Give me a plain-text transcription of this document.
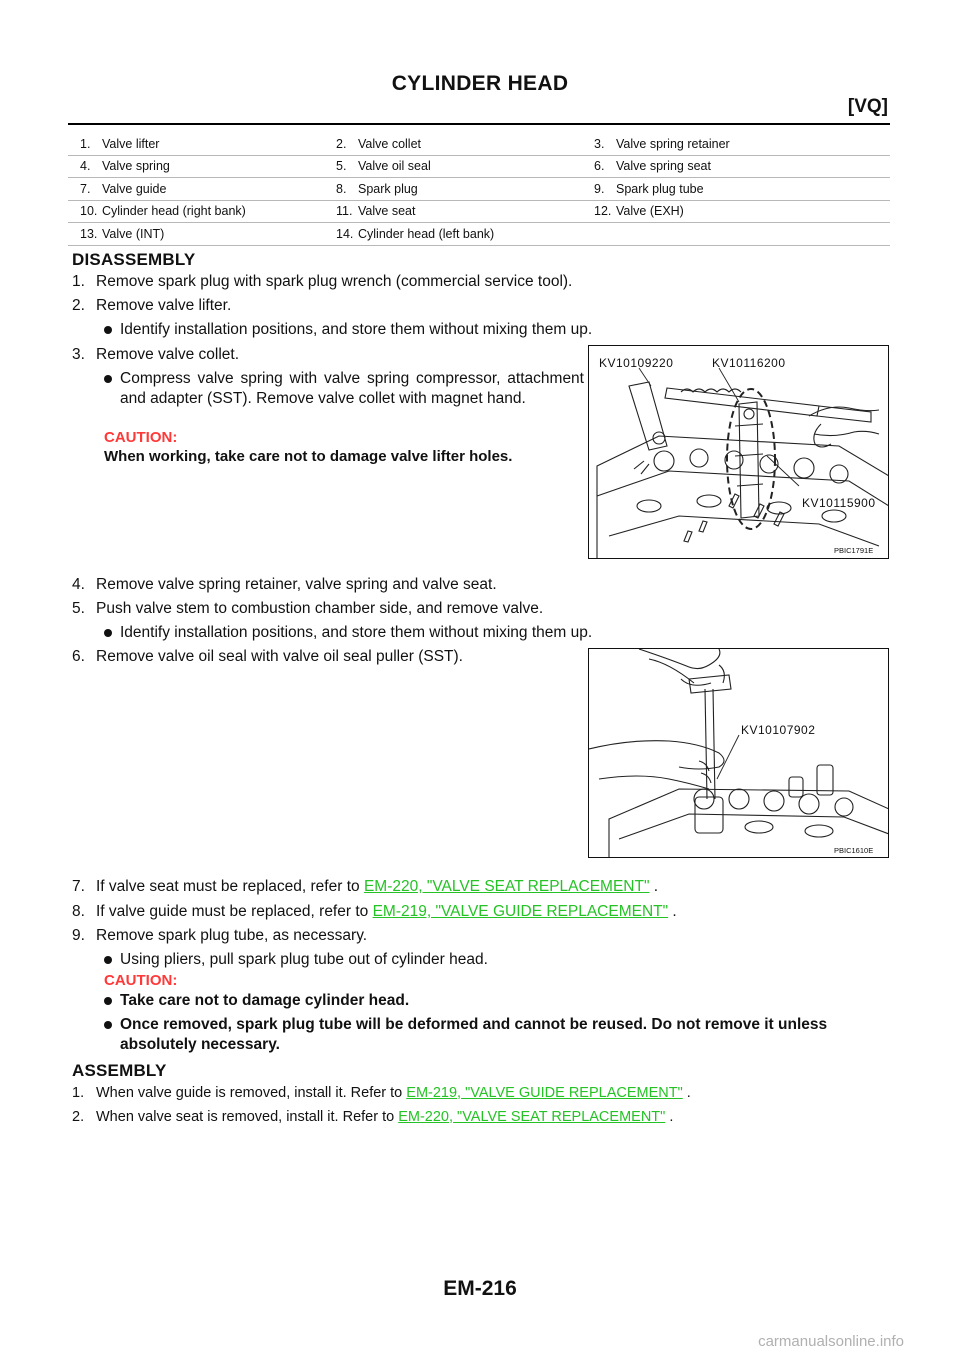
CYLINDER HEAD
[VQ]
1.	Valve lifter	2.	Valve collet	3.	Valve spring retainer
4.	Valve spring	5.	Valve oil seal	6.	Valve spring seat
7.	Valve guide	8.	Spark plug	9.	Spark plug tube
10.	Cylinder head (right bank)	11.	Valve seat	12.	Valve (EXH)
13.	Valve (INT)	14.	Cylinder head (left bank)		
DISASSEMBLY
1. Remove spark plug with spark plug wrench (commercial service tool).
2. Remove valve lifter.
Identify installation positions, and store them without mixing them up.
3. Remove valve collet.
Compress valve spring with valve spring compressor, attachment and adapter (SST). Remove valve collet with magnet hand.
CAUTION:
When working, take care not to damage valve lifter holes.
KV10109220	KV10116200
KV10115900
PBIC1791E
4. Remove valve spring retainer, valve spring and valve seat.
5. Push valve stem to combustion chamber side, and remove valve.
Identify installation positions, and store them without mixing them up.
6. Remove valve oil seal with valve oil seal puller (SST).
KV10107902
PBIC1610E
7. If valve seat must be replaced, refer to EM-220, "VALVE SEAT REPLACEMENT" .
8. If valve guide must be replaced, refer to EM-219, "VALVE GUIDE REPLACEMENT" .
9. Remove spark plug tube, as necessary.
Using pliers, pull spark plug tube out of cylinder head.
CAUTION:
Take care not to damage cylinder head.
Once removed, spark plug tube will be deformed and cannot be reused. Do not remove it unless absolutely necessary.
ASSEMBLY
1. When valve guide is removed, install it. Refer to EM-219, "VALVE GUIDE REPLACEMENT" .
2. When valve seat is removed, install it. Refer to EM-220, "VALVE SEAT REPLACEMENT" .
EM-216
carmanualsonline.info
